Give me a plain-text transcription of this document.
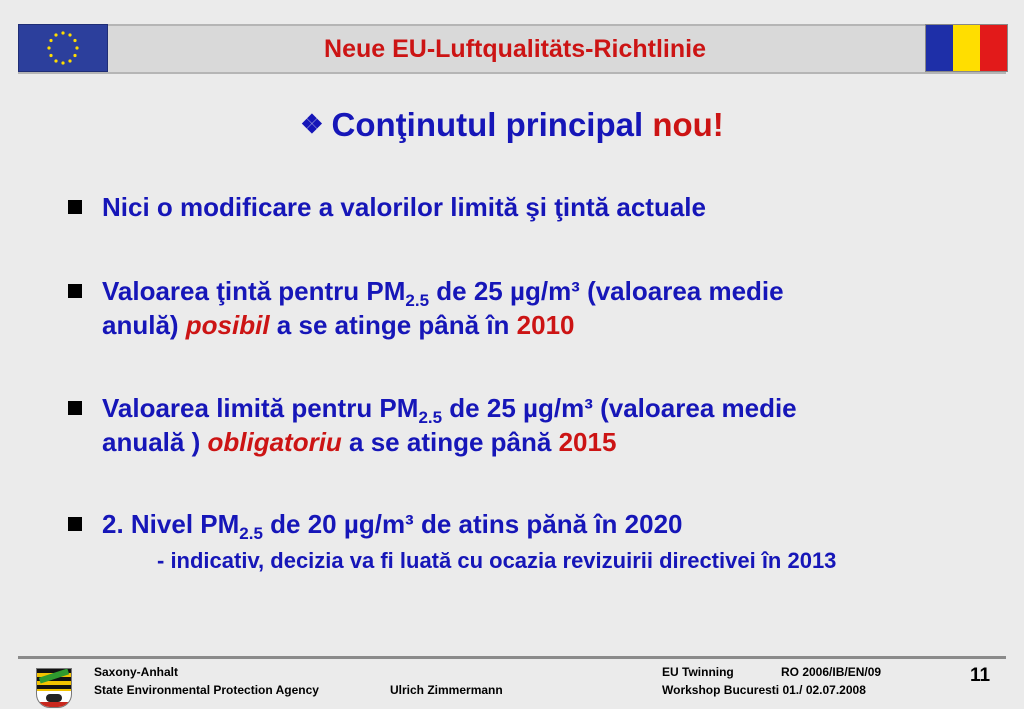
Neue EU-Luftqualitäts-Richtlinie
❖ Conţinutul principal nou!
Nici o modificare a valorilor limită şi ţintă actuale
Valoarea ţintă pentru $PM_{2.5}$ de 25 µg/m³ (valoarea medie
anulă) posibil a se atinge până în 2010
Valoarea limită pentru $PM_{2.5}$ de 25 µg/m³ (valoarea medie
anuală ) obligatoriu a se atinge până 2015
2. Nivel $PM_{2.5}$ de 20 µg/m³ de atins pănă în 2020
- indicativ, decizia va fi luată cu ocazia revizuirii directivei în 2013
Saxony-Anhalt
State Environmental Protection Agency	Ulrich Zimmermann
EU Twinning	RO 2006/IB/EN/09
Workshop Bucuresti 01./ 02.07.2008
11
